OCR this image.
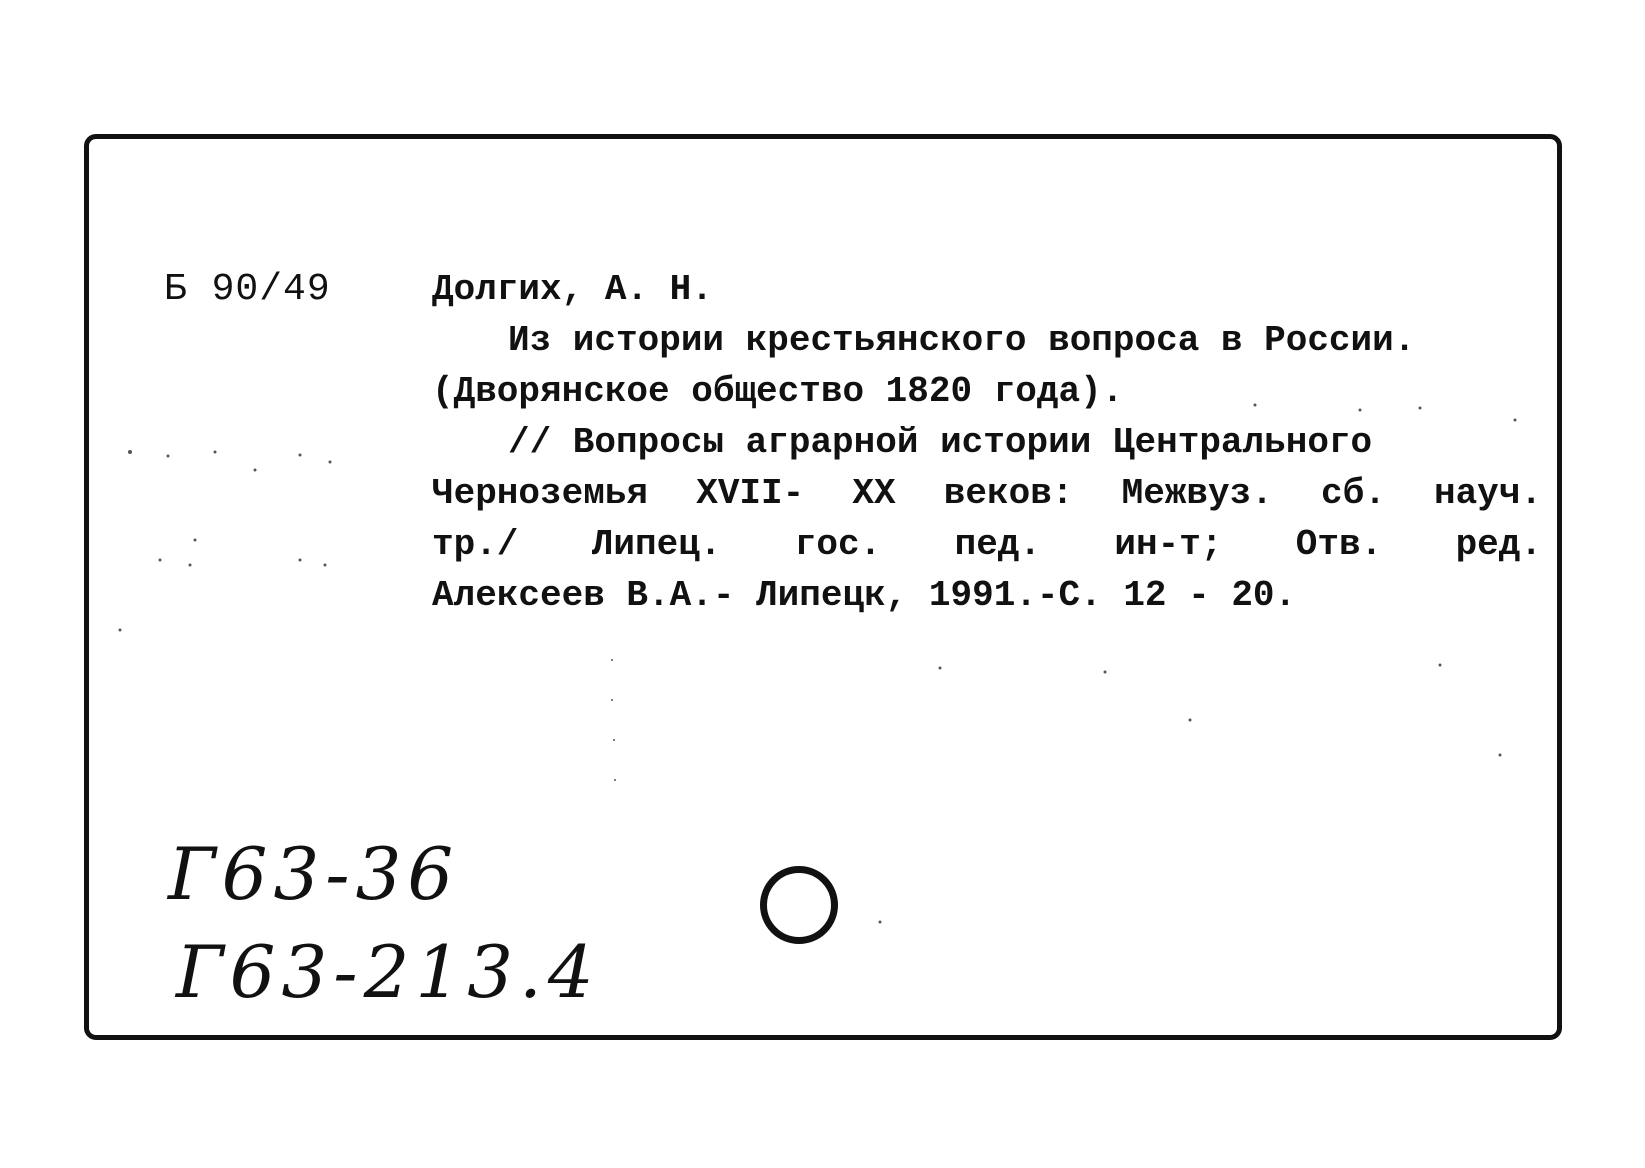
Б 90/49	Долгих, А. Н.
Из истории крестьянского вопроса в России.
(Дворянское общество 1820 года).
// Вопросы аграрной истории Центрального
Черноземья XVII- XX веков: Межвуз. сб. науч.
тр./ Липец. гос. пед. ин-т; Отв. ред.
Алексеев В.А.- Липецк, 1991.-С. 12 - 20.
Г63-36
Г63-213.4
